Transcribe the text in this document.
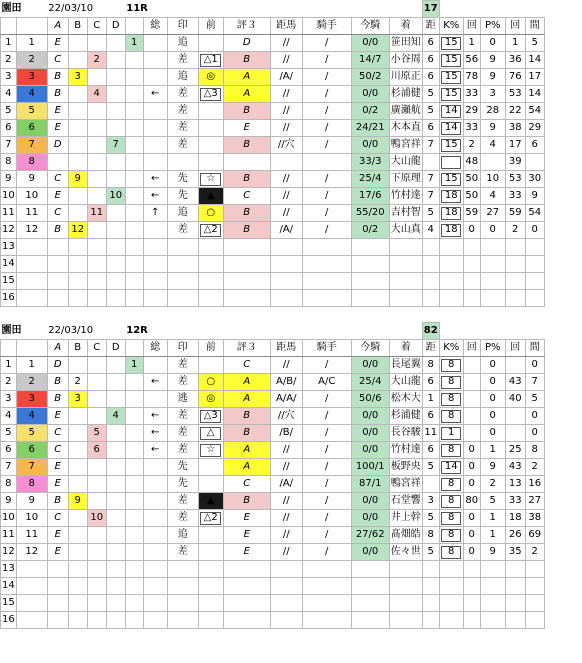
園田		22/03/10				11R									17					
		A	B	C	D		総	印	前	評３	距馬	騎手	今騎	着	距	K%	回	P%	回	間
1	1	E				1		追		D	//	/	0/0	笹田知	6	15	1	0	1	5
2	2	C		2				差	△1	B	//	/	14/7	小谷周	6	15	56	9	36	14
3	3	B	3					追	◎	A	/A/	/	50/2	川原正	6	15	78	9	76	17
4	4	B		4			←	差	△3	A	//	/	0/0	杉浦健	5	15	33	3	53	14
5	5	E						差		B	//	/	0/2	廣瀬航	5	14	29	28	22	54
6	6	E						差		E	//	/	24/21	木本直	6	14	33	9	38	29
7	7	D			7			差		B	//穴	/	0/0	鴨宮祥	7	15	2	4	17	6
8	8												33/3	大山龍			48		39	
9	9	C	9				←	先	☆	B	//	/	25/4	下原理	7	15	50	10	53	30
10	10	E			10		←	先	▲	C	//	/	17/6	竹村達	7	18	50	4	33	9
11	11	C		11			↑	追	○	B	//	/	55/20	吉村智	5	18	59	27	59	54
12	12	B	12					差	△2	B	/A/	/	0/2	大山真	4	18	0	0	2	0
13																				
14																				
15																				
16																				
園田		22/03/10				12R									82					
		A	B	C	D		総	印	前	評３	距馬	騎手	今騎	着	距	K%	回	P%	回	間
1	1	D				1		差		C	//	/	0/0	長尾翼	8	8		0		0
2	2	B	2				←	差	○	A	A/B/	A/C	25/4	大山龍	6	8		0	43	7
3	3	B	3					逃	◎	A	A/A/	/	50/6	松木大	1	8		0	40	5
4	4	E			4		←	差	△3	B	//穴	/	0/0	杉浦健	6	8		0		0
5	5	C		5			←	差	△	B	/B/	/	0/0	長谷駿	11	1		0		0
6	6	C		6			←	差	☆	A	//	/	0/0	竹村達	6	8	0	1	25	8
7	7	E						先		A	//	/	100/1	板野央	5	14	0	9	43	2
8	8	E						先		C	/A/	/	87/1	鴨宮祥		8	0	2	13	16
9	9	B	9					差	▲	B	//	/	0/0	石堂響	3	8	80	5	33	27
10	10	C		10				差	△2	E	//	/	0/0	井上幹	5	8	0	1	18	38
11	11	E						追		E	//	/	27/62	髙畑皓	8	8	0	1	26	69
12	12	E						差		E	//	/	0/0	佐々世	5	8	0	9	35	2
13																				
14																				
15																				
16																				
